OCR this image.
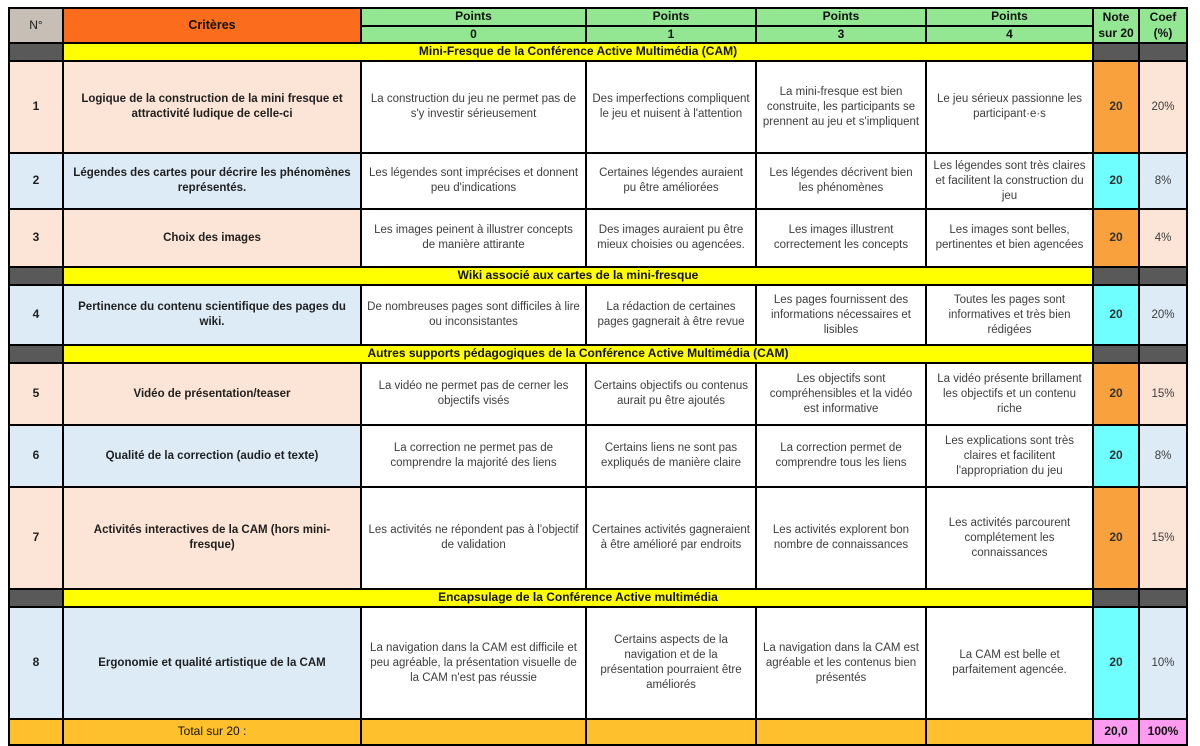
N°	Critères	Points	Points	Points	Points	Note sur 20	Coef (%)
		0	1	3	4		
	Mini-Fresque de la Conférence Active Multimédia (CAM)						
1	Logique de la construction de la mini fresque et attractivité ludique de celle-ci	La construction du jeu ne permet pas de s'y investir sérieusement	Des imperfections compliquent le jeu et nuisent à l'attention	La mini-fresque est bien construite, les participants se prennent au jeu et s'impliquent	Le jeu sérieux passionne les participant·e·s	20	20%
2	Légendes des cartes pour décrire les phénomènes représentés.	Les légendes sont imprécises et donnent peu d'indications	Certaines légendes auraient pu être améliorées	Les légendes décrivent bien les phénomènes	Les légendes sont très claires et facilitent la construction du jeu	20	8%
3	Choix des images	Les images peinent à illustrer concepts de manière attirante	Des images auraient pu être mieux choisies ou agencées.	Les images illustrent correctement les concepts	Les images sont belles, pertinentes et bien agencées	20	4%
	Wiki associé aux cartes de la mini-fresque						
4	Pertinence du contenu scientifique des pages du wiki.	De nombreuses pages sont difficiles à lire ou inconsistantes	La rédaction de certaines pages gagnerait à être revue	Les pages fournissent des informations nécessaires et lisibles	Toutes les pages sont informatives et très bien rédigées	20	20%
	Autres supports pédagogiques de la Conférence Active Multimédia (CAM)						
5	Vidéo de présentation/teaser	La vidéo ne permet pas de cerner les objectifs visés	Certains objectifs ou contenus aurait pu être ajoutés	Les objectifs sont compréhensibles et la vidéo est informative	La vidéo présente brillament les objectifs et un contenu riche	20	15%
6	Qualité de la correction (audio et texte)	La correction ne permet pas de comprendre la majorité des liens	Certains liens ne sont pas expliqués de manière claire	La correction permet de comprendre tous les liens	Les explications sont très claires et facilitent l'appropriation du jeu	20	8%
7	Activités interactives de la CAM (hors mini-fresque)	Les activités ne répondent pas à l'objectif de validation	Certaines activités gagneraient à être amélioré par endroits	Les activités explorent bon nombre de connaissances	Les activités parcourent complétement les connaissances	20	15%
	Encapsulage de la Conférence Active multimédia						
8	Ergonomie et qualité artistique de la CAM	La navigation dans la CAM est difficile et peu agréable, la présentation visuelle de la CAM n'est pas réussie	Certains aspects de la navigation et de la présentation pourraient être améliorés	La navigation dans la CAM est agréable et les contenus bien présentés	La CAM est belle et parfaitement agencée.	20	10%
	Total sur 20 :					20,0	100%
